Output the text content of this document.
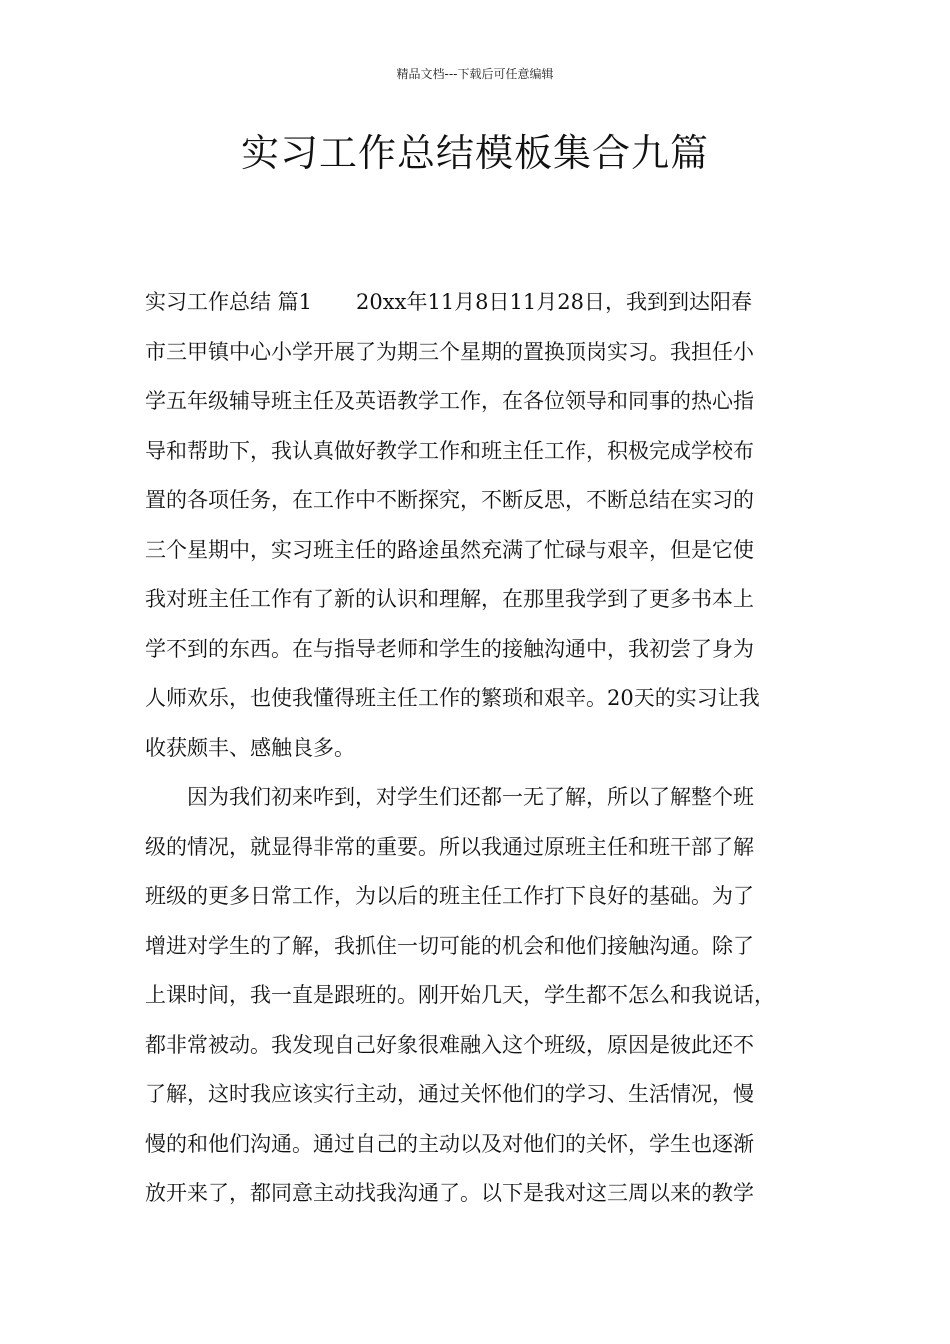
精品文档---下载后可任意编辑
实习工作总结模板集合九篇
实习工作总结 篇1 20xx年11月8日11月28日，我到到达阳春
市三甲镇中心小学开展了为期三个星期的置换顶岗实习。我担任小
学五年级辅导班主任及英语教学工作，在各位领导和同事的热心指
导和帮助下，我认真做好教学工作和班主任工作，积极完成学校布
置的各项任务，在工作中不断探究，不断反思，不断总结在实习的
三个星期中，实习班主任的路途虽然充满了忙碌与艰辛，但是它使
我对班主任工作有了新的认识和理解，在那里我学到了更多书本上
学不到的东西。在与指导老师和学生的接触沟通中，我初尝了身为
人师欢乐，也使我懂得班主任工作的繁琐和艰辛。20天的实习让我
收获颇丰、感触良多。
因为我们初来咋到，对学生们还都一无了解，所以了解整个班
级的情况，就显得非常的重要。所以我通过原班主任和班干部了解
班级的更多日常工作，为以后的班主任工作打下良好的基础。为了
增进对学生的了解，我抓住一切可能的机会和他们接触沟通。除了
上课时间，我一直是跟班的。刚开始几天，学生都不怎么和我说话，
都非常被动。我发现自己好象很难融入这个班级，原因是彼此还不
了解，这时我应该实行主动，通过关怀他们的学习、生活情况，慢
慢的和他们沟通。通过自己的主动以及对他们的关怀，学生也逐渐
放开来了，都同意主动找我沟通了。以下是我对这三周以来的教学
